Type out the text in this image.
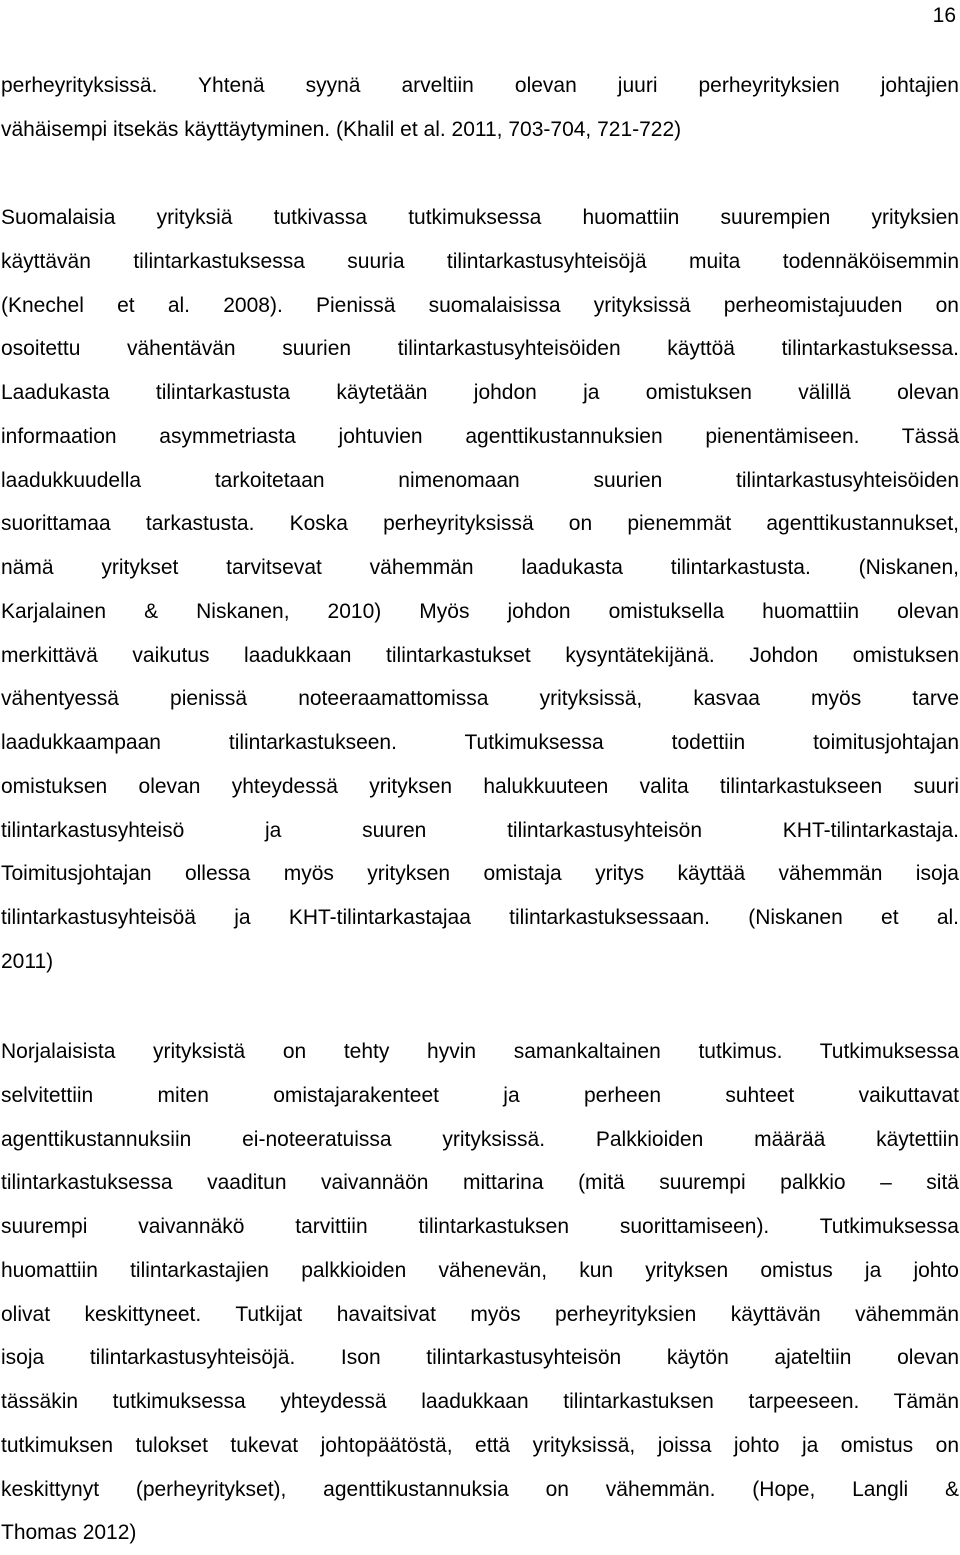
16
perheyrityksissä. Yhtenä syynä arveltiin olevan juuri perheyrityksien johtajien
vähäisempi itsekäs käyttäytyminen. (Khalil et al. 2011, 703-704, 721-722)
Suomalaisia yrityksiä tutkivassa tutkimuksessa huomattiin suurempien yrityksien
käyttävän tilintarkastuksessa suuria tilintarkastusyhteisöjä muita todennäköisemmin
(Knechel et al. 2008). Pienissä suomalaisissa yrityksissä perheomistajuuden on
osoitettu vähentävän suurien tilintarkastusyhteisöiden käyttöä tilintarkastuksessa.
Laadukasta tilintarkastusta käytetään johdon ja omistuksen välillä olevan
informaation asymmetriasta johtuvien agenttikustannuksien pienentämiseen. Tässä
laadukkuudella tarkoitetaan nimenomaan suurien tilintarkastusyhteisöiden
suorittamaa tarkastusta. Koska perheyrityksissä on pienemmät agenttikustannukset,
nämä yritykset tarvitsevat vähemmän laadukasta tilintarkastusta. (Niskanen,
Karjalainen & Niskanen, 2010) Myös johdon omistuksella huomattiin olevan
merkittävä vaikutus laadukkaan tilintarkastukset kysyntätekijänä. Johdon omistuksen
vähentyessä pienissä noteeraamattomissa yrityksissä, kasvaa myös tarve
laadukkaampaan tilintarkastukseen. Tutkimuksessa todettiin toimitusjohtajan
omistuksen olevan yhteydessä yrityksen halukkuuteen valita tilintarkastukseen suuri
tilintarkastusyhteisö ja suuren tilintarkastusyhteisön KHT-tilintarkastaja.
Toimitusjohtajan ollessa myös yrityksen omistaja yritys käyttää vähemmän isoja
tilintarkastusyhteisöä ja KHT-tilintarkastajaa tilintarkastuksessaan. (Niskanen et al.
2011)
Norjalaisista yrityksistä on tehty hyvin samankaltainen tutkimus. Tutkimuksessa
selvitettiin miten omistajarakenteet ja perheen suhteet vaikuttavat
agenttikustannuksiin ei-noteeratuissa yrityksissä. Palkkioiden määrää käytettiin
tilintarkastuksessa vaaditun vaivannäön mittarina (mitä suurempi palkkio – sitä
suurempi vaivannäkö tarvittiin tilintarkastuksen suorittamiseen). Tutkimuksessa
huomattiin tilintarkastajien palkkioiden vähenevän, kun yrityksen omistus ja johto
olivat keskittyneet. Tutkijat havaitsivat myös perheyrityksien käyttävän vähemmän
isoja tilintarkastusyhteisöjä. Ison tilintarkastusyhteisön käytön ajateltiin olevan
tässäkin tutkimuksessa yhteydessä laadukkaan tilintarkastuksen tarpeeseen. Tämän
tutkimuksen tulokset tukevat johtopäätöstä, että yrityksissä, joissa johto ja omistus on
keskittynyt (perheyritykset), agenttikustannuksia on vähemmän. (Hope, Langli &
Thomas 2012)
